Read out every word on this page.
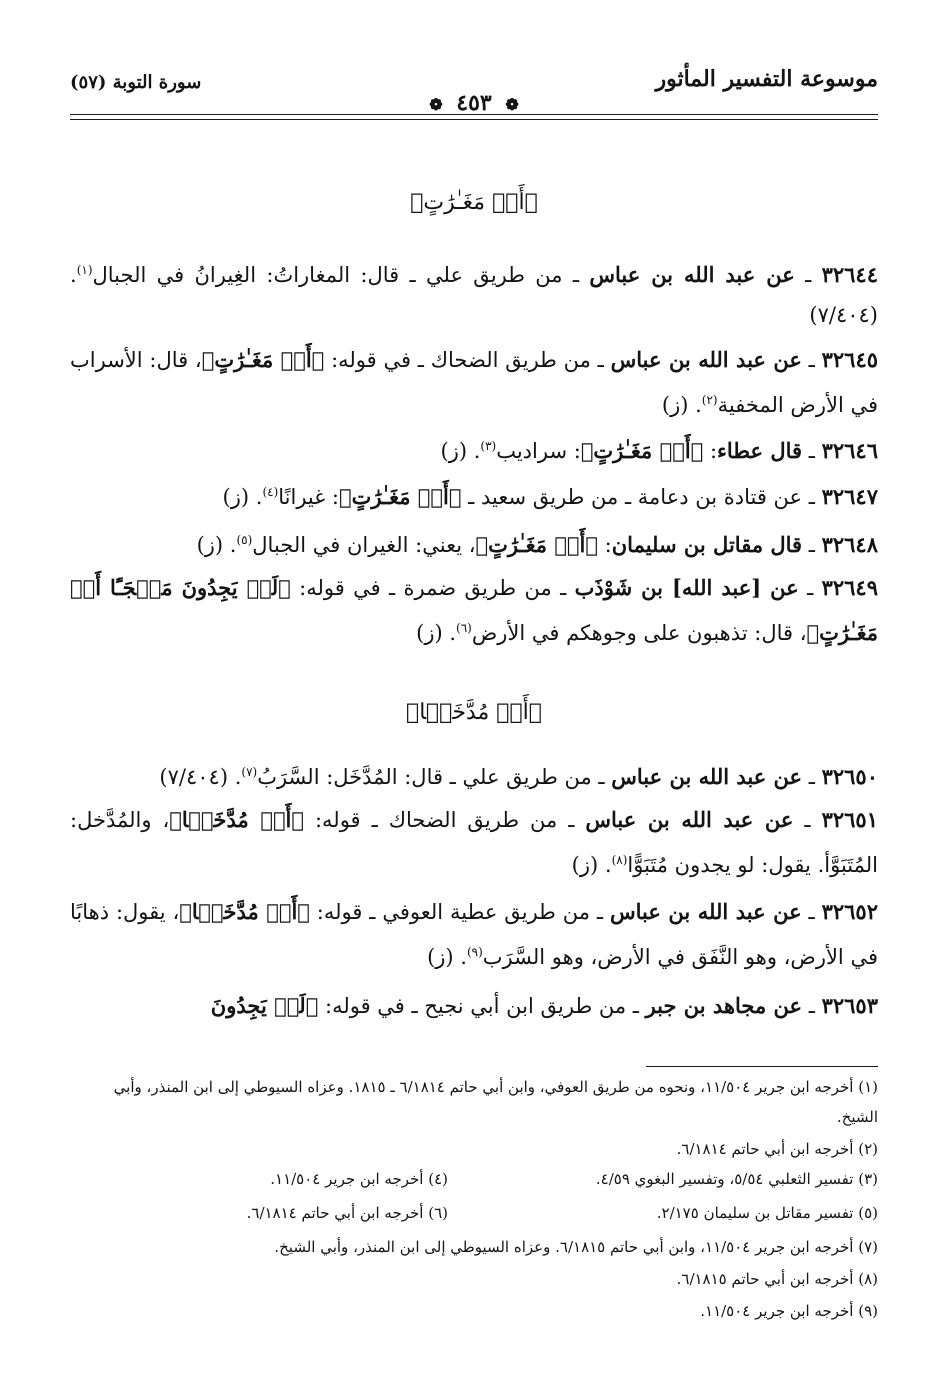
موسوعة التفسير المأثور
سورة التوبة (٥٧)
❁ ٤٥٣ ❁
﴿أَوۡ مَغَـٰرَٰتٍ﴾
٣٢٦٤٤ ـ عن عبد الله بن عباس ـ من طريق علي ـ قال: المغاراتُ: الغِيرانُ في الجبال$^{(١)}$. (٧/٤٠٤)
٣٢٦٤٥ ـ عن عبد الله بن عباس ـ من طريق الضحاك ـ في قوله: ﴿أَوۡ مَغَـٰرَٰتٍ﴾، قال: الأسراب في الأرض المخفية$^{(٢)}$. (ز)
٣٢٦٤٦ ـ قال عطاء: ﴿أَوۡ مَغَـٰرَٰتٍ﴾: سراديب$^{(٣)}$. (ز)
٣٢٦٤٧ ـ عن قتادة بن دعامة ـ من طريق سعيد ـ ﴿أَوۡ مَغَـٰرَٰتٍ﴾: غيرانًا$^{(٤)}$. (ز)
٣٢٦٤٨ ـ قال مقاتل بن سليمان: ﴿أَوۡ مَغَـٰرَٰتٍ﴾، يعني: الغيران في الجبال$^{(٥)}$. (ز)
٣٢٦٤٩ ـ عن [عبد الله] بن شَوْذَب ـ من طريق ضمرة ـ في قوله: ﴿لَوۡ يَجِدُونَ مَلۡجَـًٔا أَوۡ مَغَـٰرَٰتٍ﴾، قال: تذهبون على وجوهكم في الأرض$^{(٦)}$. (ز)
﴿أَوۡ مُدَّخَلࣰا﴾
٣٢٦٥٠ ـ عن عبد الله بن عباس ـ من طريق علي ـ قال: المُدَّخَل: السَّرَبُ$^{(٧)}$. (٧/٤٠٤)
٣٢٦٥١ ـ عن عبد الله بن عباس ـ من طريق الضحاك ـ قوله: ﴿أَوۡ مُدَّخَلࣰا﴾، والمُدَّخل: المُتَبَوَّأ. يقول: لو يجدون مُتَبَوًّا$^{(٨)}$. (ز)
٣٢٦٥٢ ـ عن عبد الله بن عباس ـ من طريق عطية العوفي ـ قوله: ﴿أَوۡ مُدَّخَلࣰا﴾، يقول: ذهابًا في الأرض، وهو النَّفَق في الأرض، وهو السَّرَب$^{(٩)}$. (ز)
٣٢٦٥٣ ـ عن مجاهد بن جبر ـ من طريق ابن أبي نجيح ـ في قوله: ﴿لَوۡ يَجِدُونَ
(١) أخرجه ابن جرير ١١/٥٠٤، ونحوه من طريق العوفي، وابن أبي حاتم ٦/١٨١٤ ـ ١٨١٥. وعزاه السيوطي إلى ابن المنذر، وأبي الشيخ.
(٢) أخرجه ابن أبي حاتم ٦/١٨١٤.
(٣) تفسير الثعلبي ٥/٥٤، وتفسير البغوي ٤/٥٩.
(٤) أخرجه ابن جرير ١١/٥٠٤.
(٥) تفسير مقاتل بن سليمان ٢/١٧٥.
(٦) أخرجه ابن أبي حاتم ٦/١٨١٤.
(٧) أخرجه ابن جرير ١١/٥٠٤، وابن أبي حاتم ٦/١٨١٥. وعزاه السيوطي إلى ابن المنذر، وأبي الشيخ.
(٨) أخرجه ابن أبي حاتم ٦/١٨١٥.
(٩) أخرجه ابن جرير ١١/٥٠٤.
